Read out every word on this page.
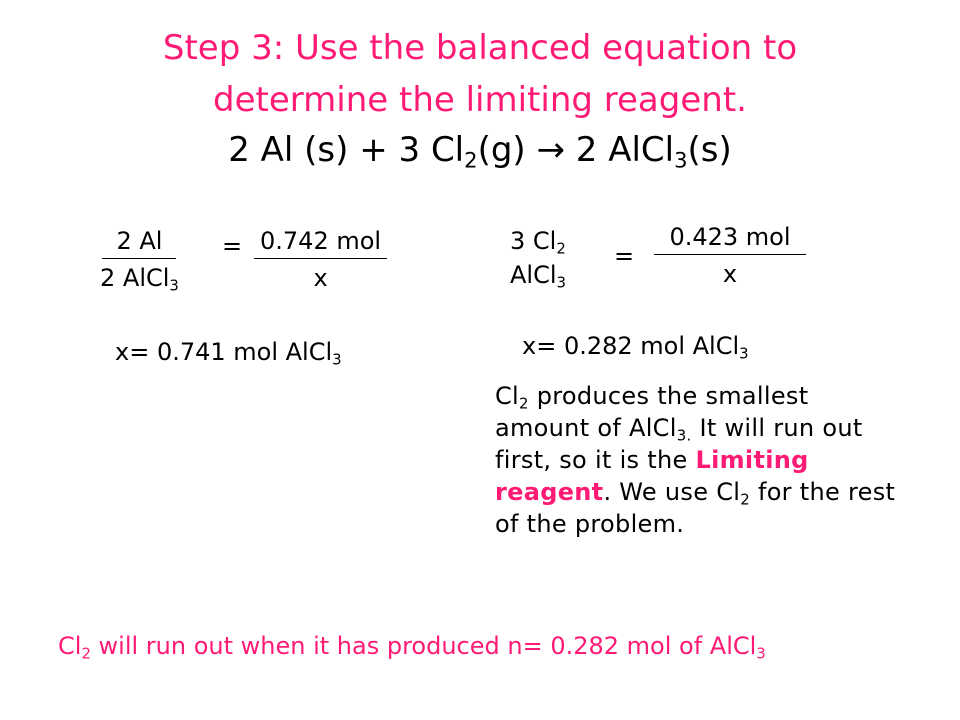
Step 3: Use the balanced equation to
determine the limiting reagent.
2 Al (s) + 3 $Cl_2(g) \to 2$ AlCl$_3$(s)
2 Al
2 AlCl$_3$
= 0.742 mol
x
x= 0.741 mol AlCl$_3$
3 $Cl_2$
AlCl$_3$
=
0.423 mol
x
x= 0.282 mol AlCl$_3$
$Cl_2$ produces the smallest amount of AlCl$_{3.}$ It will run out first, so it is the Limiting reagent. We use $Cl_2$ for the rest of the problem.
$Cl_2$ will run out when it has produced n= 0.282 mol of AlCl$_3$
